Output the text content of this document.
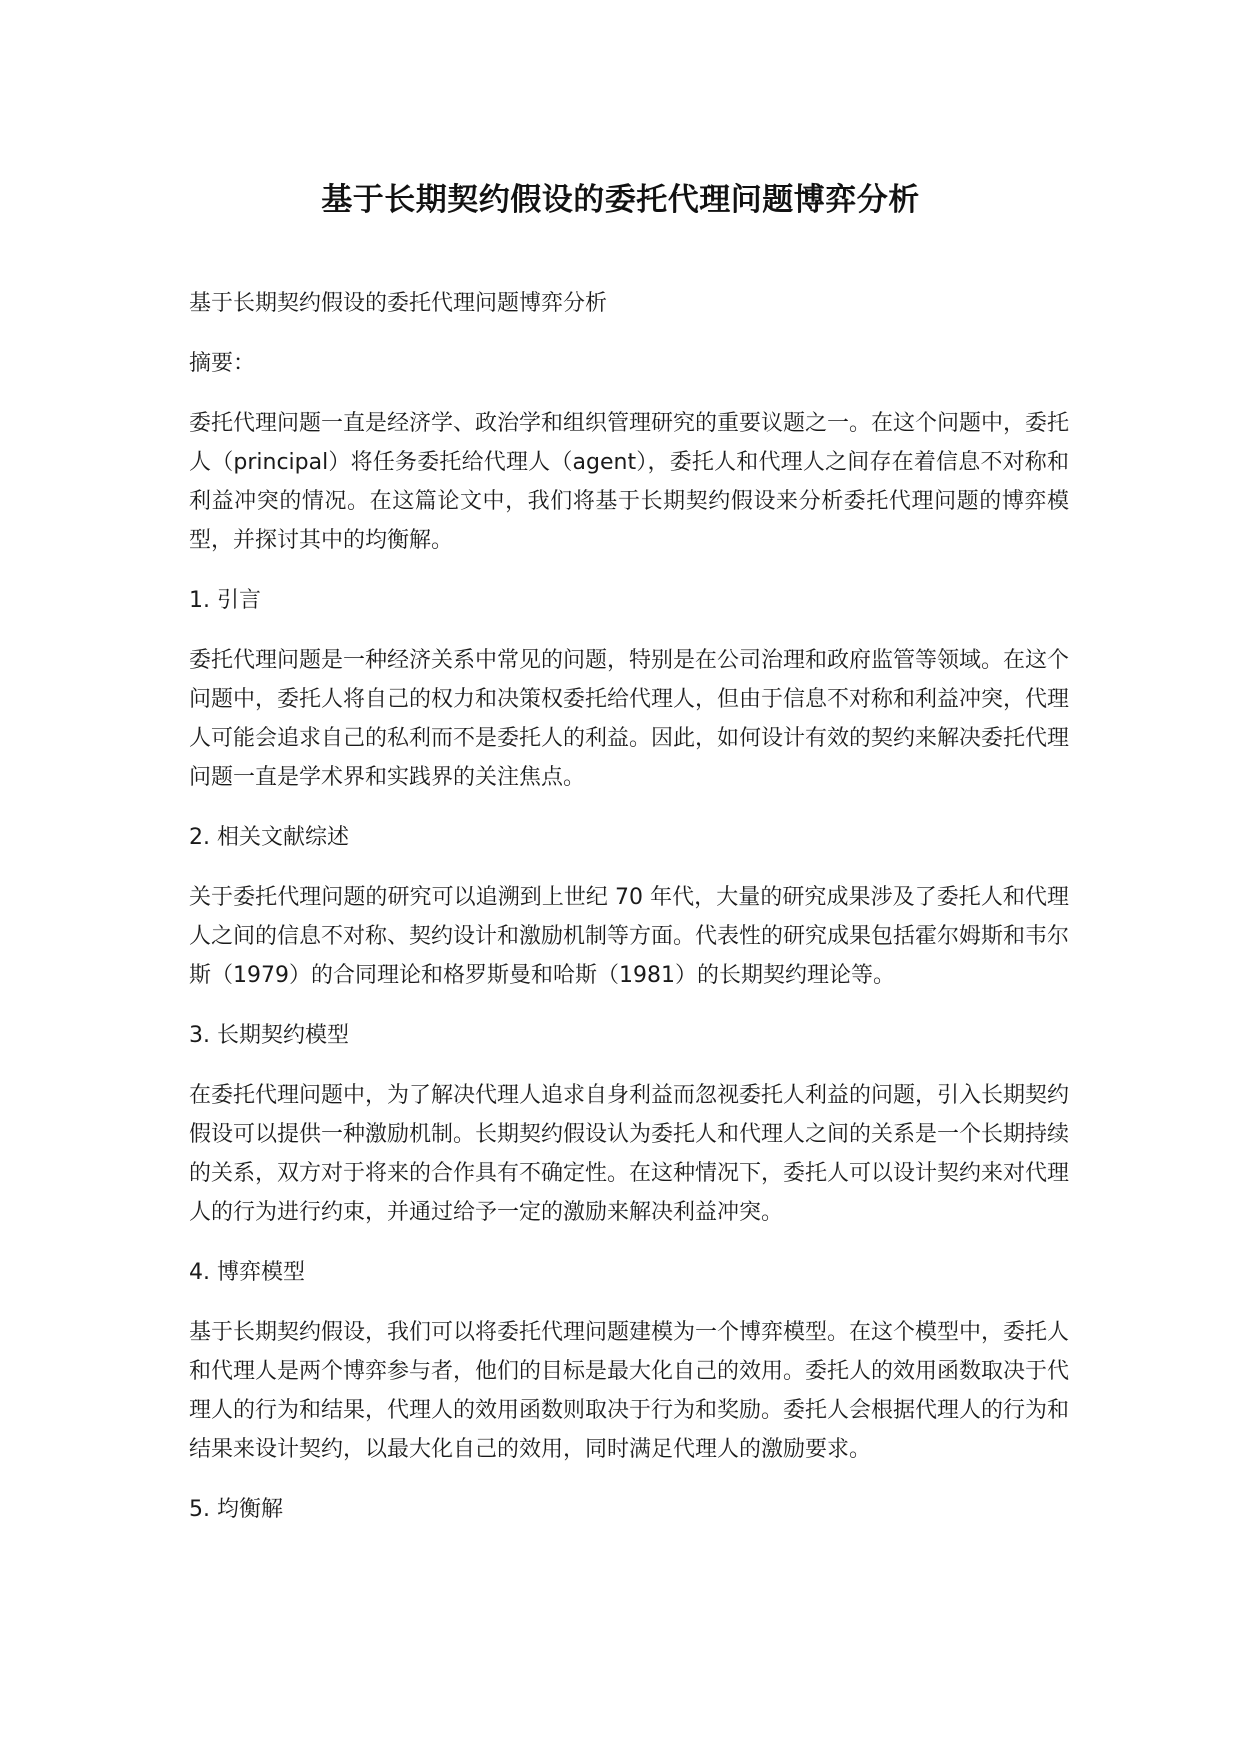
基于长期契约假设的委托代理问题博弈分析
基于长期契约假设的委托代理问题博弈分析
摘要：
委托代理问题一直是经济学、政治学和组织管理研究的重要议题之一。在这个问题中，委托人（principal）将任务委托给代理人（agent），委托人和代理人之间存在着信息不对称和利益冲突的情况。在这篇论文中，我们将基于长期契约假设来分析委托代理问题的博弈模型，并探讨其中的均衡解。
1. 引言
委托代理问题是一种经济关系中常见的问题，特别是在公司治理和政府监管等领域。在这个问题中，委托人将自己的权力和决策权委托给代理人，但由于信息不对称和利益冲突，代理人可能会追求自己的私利而不是委托人的利益。因此，如何设计有效的契约来解决委托代理问题一直是学术界和实践界的关注焦点。
2. 相关文献综述
关于委托代理问题的研究可以追溯到上世纪 70 年代，大量的研究成果涉及了委托人和代理人之间的信息不对称、契约设计和激励机制等方面。代表性的研究成果包括霍尔姆斯和韦尔斯（1979）的合同理论和格罗斯曼和哈斯（1981）的长期契约理论等。
3. 长期契约模型
在委托代理问题中，为了解决代理人追求自身利益而忽视委托人利益的问题，引入长期契约假设可以提供一种激励机制。长期契约假设认为委托人和代理人之间的关系是一个长期持续的关系，双方对于将来的合作具有不确定性。在这种情况下，委托人可以设计契约来对代理人的行为进行约束，并通过给予一定的激励来解决利益冲突。
4. 博弈模型
基于长期契约假设，我们可以将委托代理问题建模为一个博弈模型。在这个模型中，委托人和代理人是两个博弈参与者，他们的目标是最大化自己的效用。委托人的效用函数取决于代理人的行为和结果，代理人的效用函数则取决于行为和奖励。委托人会根据代理人的行为和结果来设计契约，以最大化自己的效用，同时满足代理人的激励要求。
5. 均衡解
